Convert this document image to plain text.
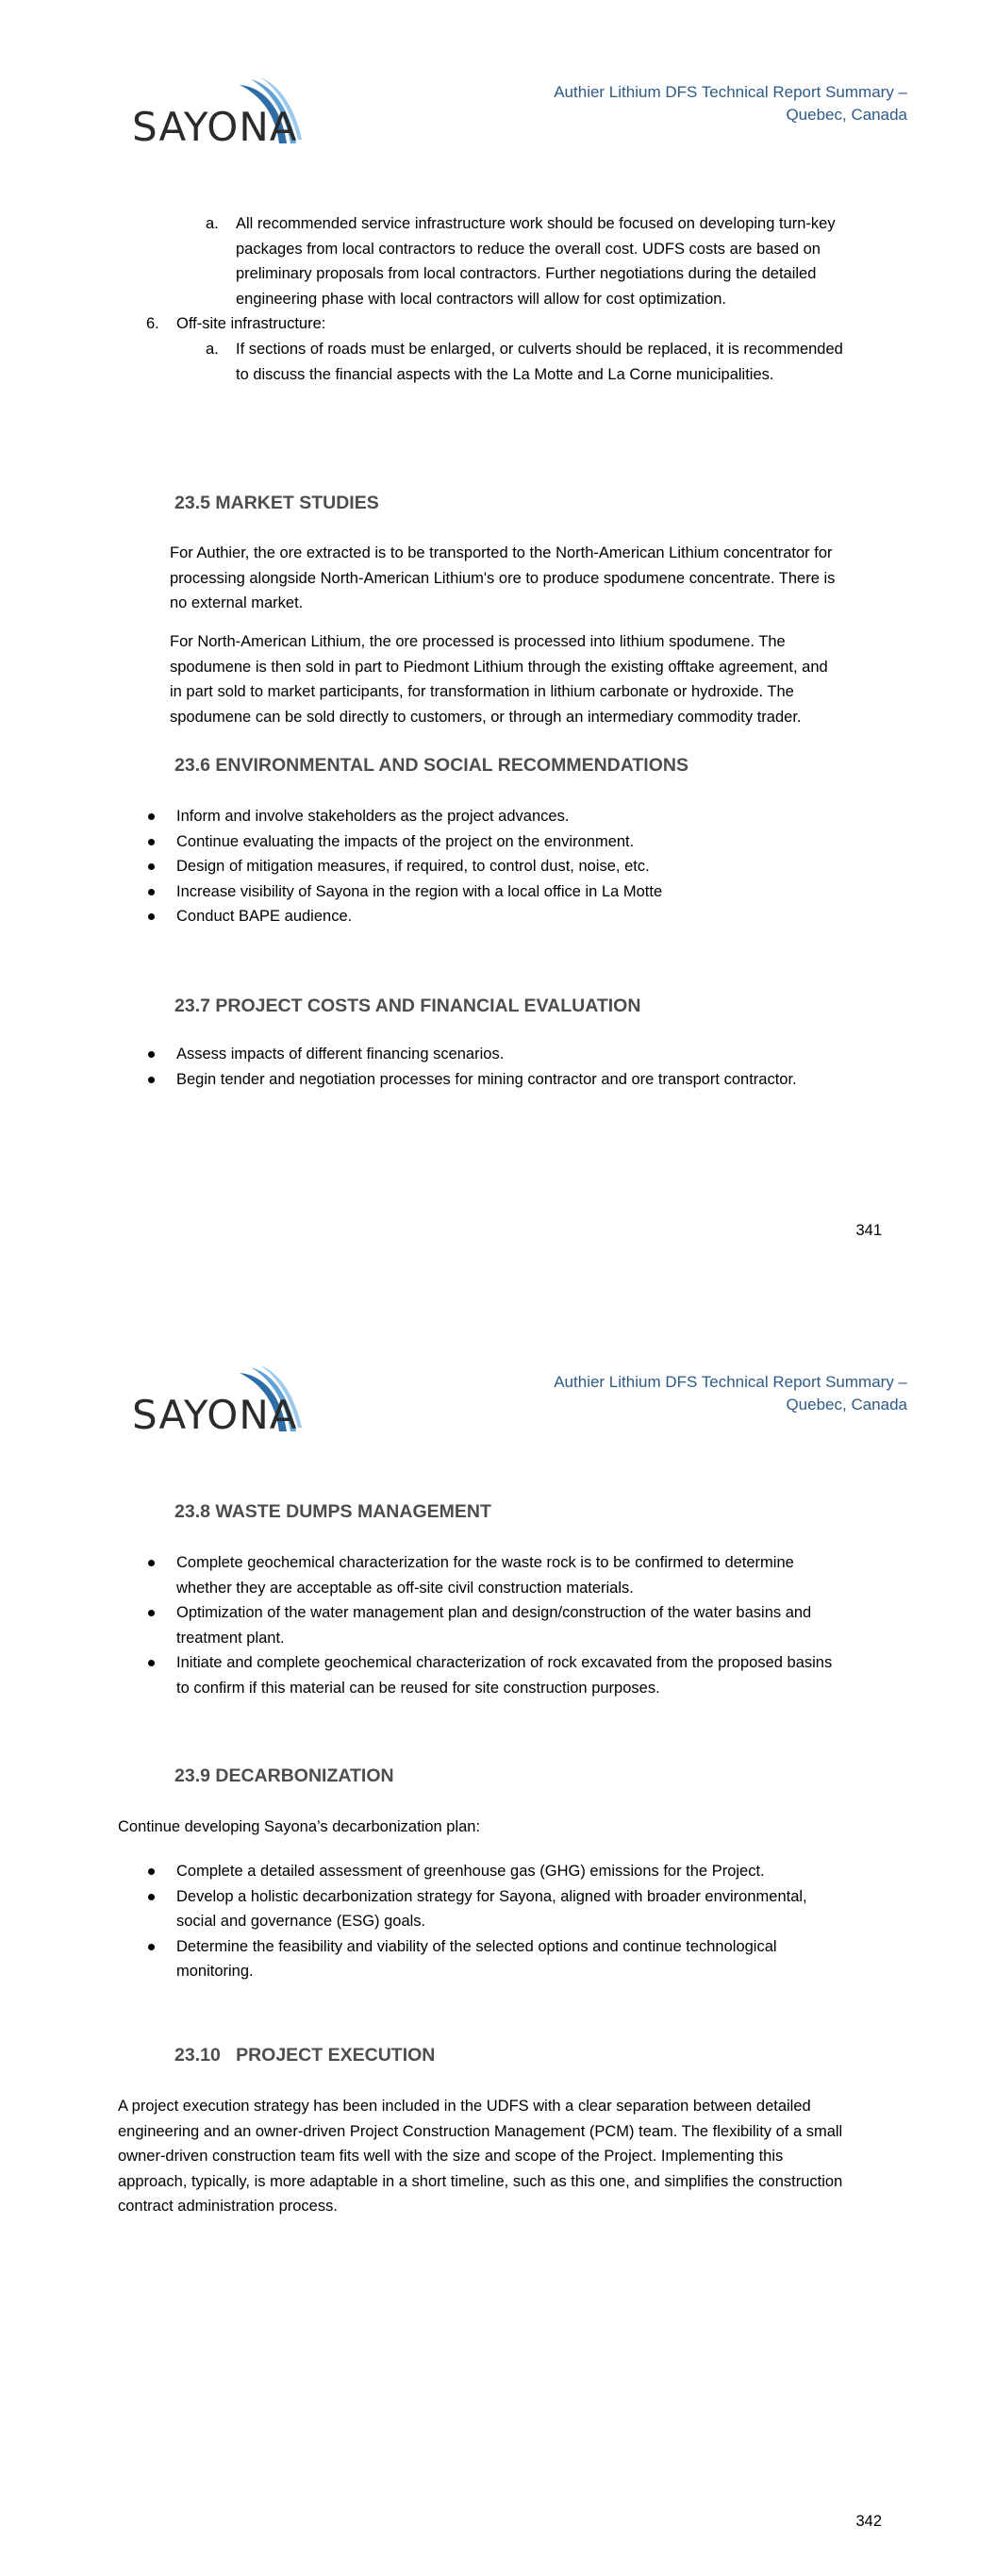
SAYONA
Authier Lithium DFS Technical Report Summary –
Quebec, Canada
a. All recommended service infrastructure work should be focused on developing turn-key
packages from local contractors to reduce the overall cost. UDFS costs are based on
preliminary proposals from local contractors. Further negotiations during the detailed
engineering phase with local contractors will allow for cost optimization.
6. Off-site infrastructure:
a. If sections of roads must be enlarged, or culverts should be replaced, it is recommended
to discuss the financial aspects with the La Motte and La Corne municipalities.
23.5 MARKET STUDIES
For Authier, the ore extracted is to be transported to the North-American Lithium concentrator for
processing alongside North-American Lithium's ore to produce spodumene concentrate. There is
no external market.
For North-American Lithium, the ore processed is processed into lithium spodumene. The
spodumene is then sold in part to Piedmont Lithium through the existing offtake agreement, and
in part sold to market participants, for transformation in lithium carbonate or hydroxide. The
spodumene can be sold directly to customers, or through an intermediary commodity trader.
23.6 ENVIRONMENTAL AND SOCIAL RECOMMENDATIONS
Inform and involve stakeholders as the project advances.
Continue evaluating the impacts of the project on the environment.
Design of mitigation measures, if required, to control dust, noise, etc.
Increase visibility of Sayona in the region with a local office in La Motte
Conduct BAPE audience.
23.7 PROJECT COSTS AND FINANCIAL EVALUATION
Assess impacts of different financing scenarios.
Begin tender and negotiation processes for mining contractor and ore transport contractor.
341
SAYONA
Authier Lithium DFS Technical Report Summary –
Quebec, Canada
23.8 WASTE DUMPS MANAGEMENT
Complete geochemical characterization for the waste rock is to be confirmed to determine
whether they are acceptable as off-site civil construction materials.
Optimization of the water management plan and design/construction of the water basins and
treatment plant.
Initiate and complete geochemical characterization of rock excavated from the proposed basins
to confirm if this material can be reused for site construction purposes.
23.9 DECARBONIZATION
Continue developing Sayona’s decarbonization plan:
Complete a detailed assessment of greenhouse gas (GHG) emissions for the Project.
Develop a holistic decarbonization strategy for Sayona, aligned with broader environmental,
social and governance (ESG) goals.
Determine the feasibility and viability of the selected options and continue technological
monitoring.
23.10 PROJECT EXECUTION
A project execution strategy has been included in the UDFS with a clear separation between detailed
engineering and an owner-driven Project Construction Management (PCM) team. The flexibility of a small
owner-driven construction team fits well with the size and scope of the Project. Implementing this
approach, typically, is more adaptable in a short timeline, such as this one, and simplifies the construction
contract administration process.
342
